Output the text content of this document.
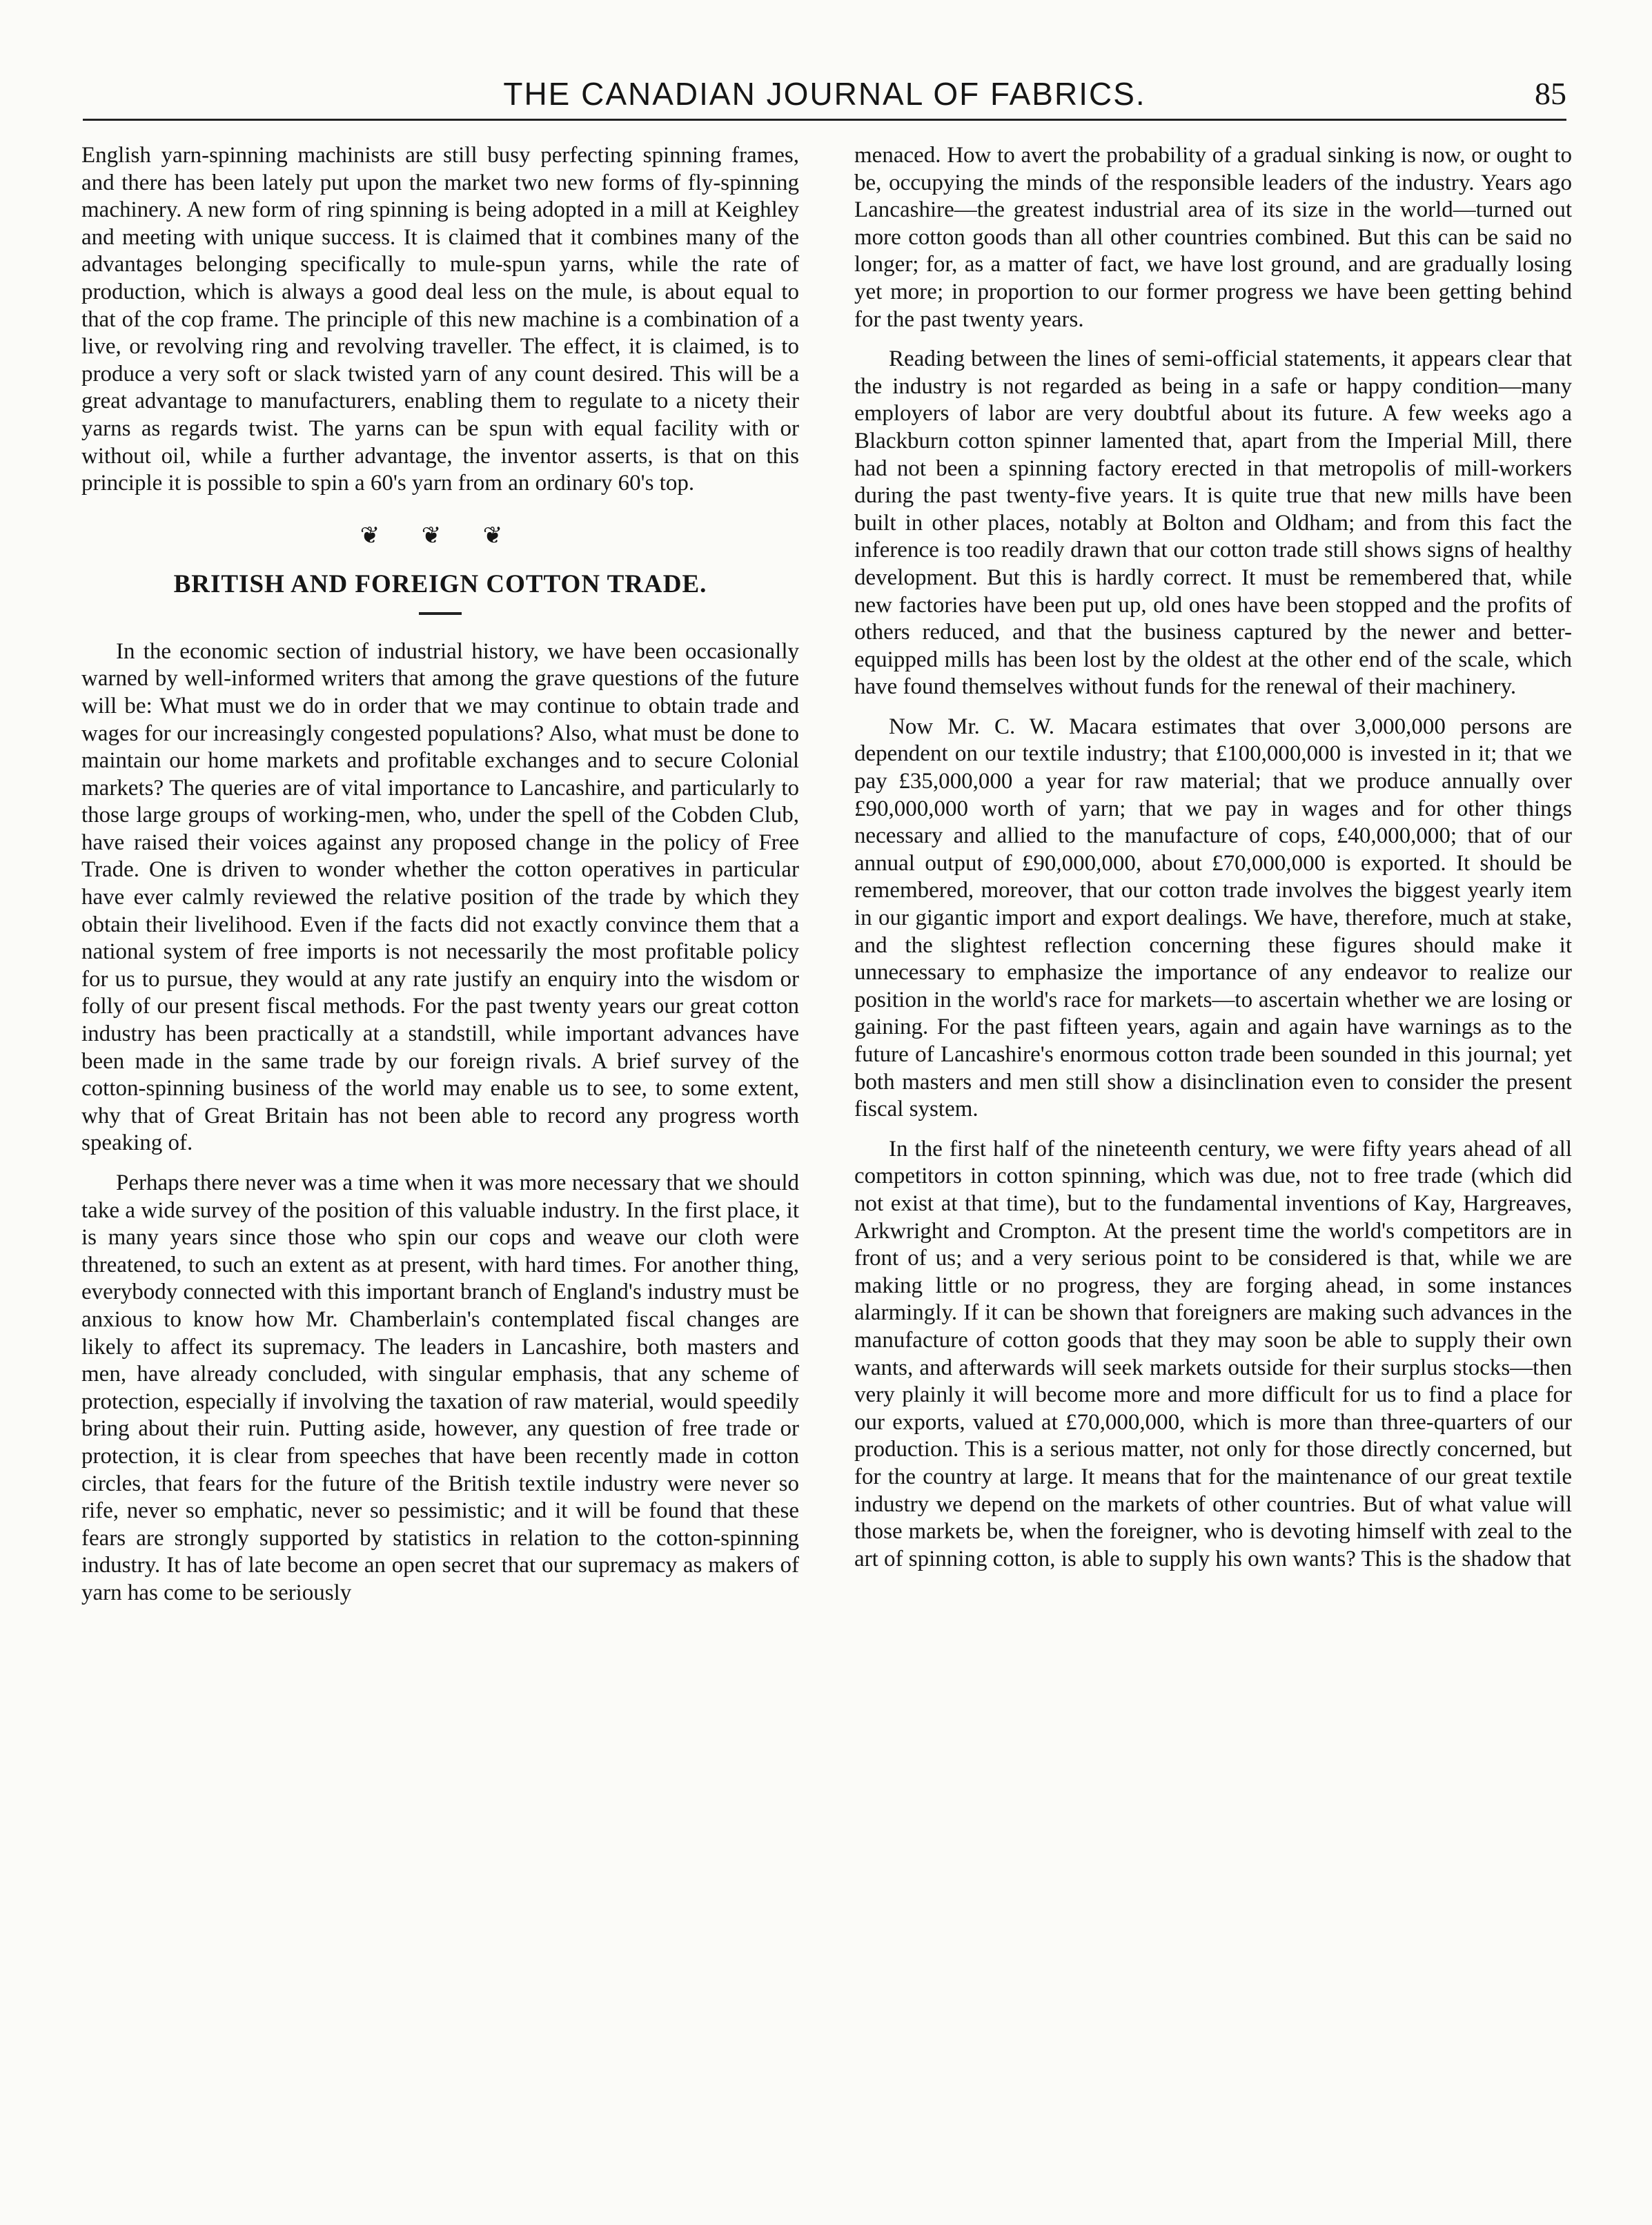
THE CANADIAN JOURNAL OF FABRICS.	85

English yarn-spinning machinists are still busy perfecting spinning frames, and there has been lately put upon the market two new forms of fly-spinning machinery. A new form of ring spinning is being adopted in a mill at Keighley and meeting with unique success. It is claimed that it combines many of the advantages belonging specifically to mule-spun yarns, while the rate of production, which is always a good deal less on the mule, is about equal to that of the cop frame. The principle of this new machine is a combination of a live, or revolving ring and revolving traveller. The effect, it is claimed, is to produce a very soft or slack twisted yarn of any count desired. This will be a great advantage to manufacturers, enabling them to regulate to a nicety their yarns as regards twist. The yarns can be spun with equal facility with or without oil, while a further advantage, the inventor asserts, is that on this principle it is possible to spin a 60's yarn from an ordinary 60's top.

❦ ❦ ❦
BRITISH AND FOREIGN COTTON TRADE.

In the economic section of industrial history, we have been occasionally warned by well-informed writers that among the grave questions of the future will be: What must we do in order that we may continue to obtain trade and wages for our increasingly congested populations? Also, what must be done to maintain our home markets and profitable exchanges and to secure Colonial markets? The queries are of vital importance to Lancashire, and particularly to those large groups of working-men, who, under the spell of the Cobden Club, have raised their voices against any proposed change in the policy of Free Trade. One is driven to wonder whether the cotton operatives in particular have ever calmly reviewed the relative position of the trade by which they obtain their livelihood. Even if the facts did not exactly convince them that a national system of free imports is not necessarily the most profitable policy for us to pursue, they would at any rate justify an enquiry into the wisdom or folly of our present fiscal methods. For the past twenty years our great cotton industry has been practically at a standstill, while important advances have been made in the same trade by our foreign rivals. A brief survey of the cotton-spinning business of the world may enable us to see, to some extent, why that of Great Britain has not been able to record any progress worth speaking of.

Perhaps there never was a time when it was more necessary that we should take a wide survey of the position of this valuable industry. In the first place, it is many years since those who spin our cops and weave our cloth were threatened, to such an extent as at present, with hard times. For another thing, everybody connected with this important branch of England's industry must be anxious to know how Mr. Chamberlain's contemplated fiscal changes are likely to affect its supremacy. The leaders in Lancashire, both masters and men, have already concluded, with singular emphasis, that any scheme of protection, especially if involving the taxation of raw material, would speedily bring about their ruin. Putting aside, however, any question of free trade or protection, it is clear from speeches that have been recently made in cotton circles, that fears for the future of the British textile industry were never so rife, never so emphatic, never so pessimistic; and it will be found that these fears are strongly supported by statistics in relation to the cotton-spinning industry. It has of late become an open secret that our supremacy as makers of yarn has come to be seriously

menaced. How to avert the probability of a gradual sinking is now, or ought to be, occupying the minds of the responsible leaders of the industry. Years ago Lancashire—the greatest industrial area of its size in the world—turned out more cotton goods than all other countries combined. But this can be said no longer; for, as a matter of fact, we have lost ground, and are gradually losing yet more; in proportion to our former progress we have been getting behind for the past twenty years.

Reading between the lines of semi-official statements, it appears clear that the industry is not regarded as being in a safe or happy condition—many employers of labor are very doubtful about its future. A few weeks ago a Blackburn cotton spinner lamented that, apart from the Imperial Mill, there had not been a spinning factory erected in that metropolis of mill-workers during the past twenty-five years. It is quite true that new mills have been built in other places, notably at Bolton and Oldham; and from this fact the inference is too readily drawn that our cotton trade still shows signs of healthy development. But this is hardly correct. It must be remembered that, while new factories have been put up, old ones have been stopped and the profits of others reduced, and that the business captured by the newer and better-equipped mills has been lost by the oldest at the other end of the scale, which have found themselves without funds for the renewal of their machinery.

Now Mr. C. W. Macara estimates that over 3,000,000 persons are dependent on our textile industry; that £100,000,000 is invested in it; that we pay £35,000,000 a year for raw material; that we produce annually over £90,000,000 worth of yarn; that we pay in wages and for other things necessary and allied to the manufacture of cops, £40,000,000; that of our annual output of £90,000,000, about £70,000,000 is exported. It should be remembered, moreover, that our cotton trade involves the biggest yearly item in our gigantic import and export dealings. We have, therefore, much at stake, and the slightest reflection concerning these figures should make it unnecessary to emphasize the importance of any endeavor to realize our position in the world's race for markets—to ascertain whether we are losing or gaining. For the past fifteen years, again and again have warnings as to the future of Lancashire's enormous cotton trade been sounded in this journal; yet both masters and men still show a disinclination even to consider the present fiscal system.

In the first half of the nineteenth century, we were fifty years ahead of all competitors in cotton spinning, which was due, not to free trade (which did not exist at that time), but to the fundamental inventions of Kay, Hargreaves, Arkwright and Crompton. At the present time the world's competitors are in front of us; and a very serious point to be considered is that, while we are making little or no progress, they are forging ahead, in some instances alarmingly. If it can be shown that foreigners are making such advances in the manufacture of cotton goods that they may soon be able to supply their own wants, and afterwards will seek markets outside for their surplus stocks—then very plainly it will become more and more difficult for us to find a place for our exports, valued at £70,000,000, which is more than three-quarters of our production. This is a serious matter, not only for those directly concerned, but for the country at large. It means that for the maintenance of our great textile industry we depend on the markets of other countries. But of what value will those markets be, when the foreigner, who is devoting himself with zeal to the art of spinning cotton, is able to supply his own wants? This is the shadow that
